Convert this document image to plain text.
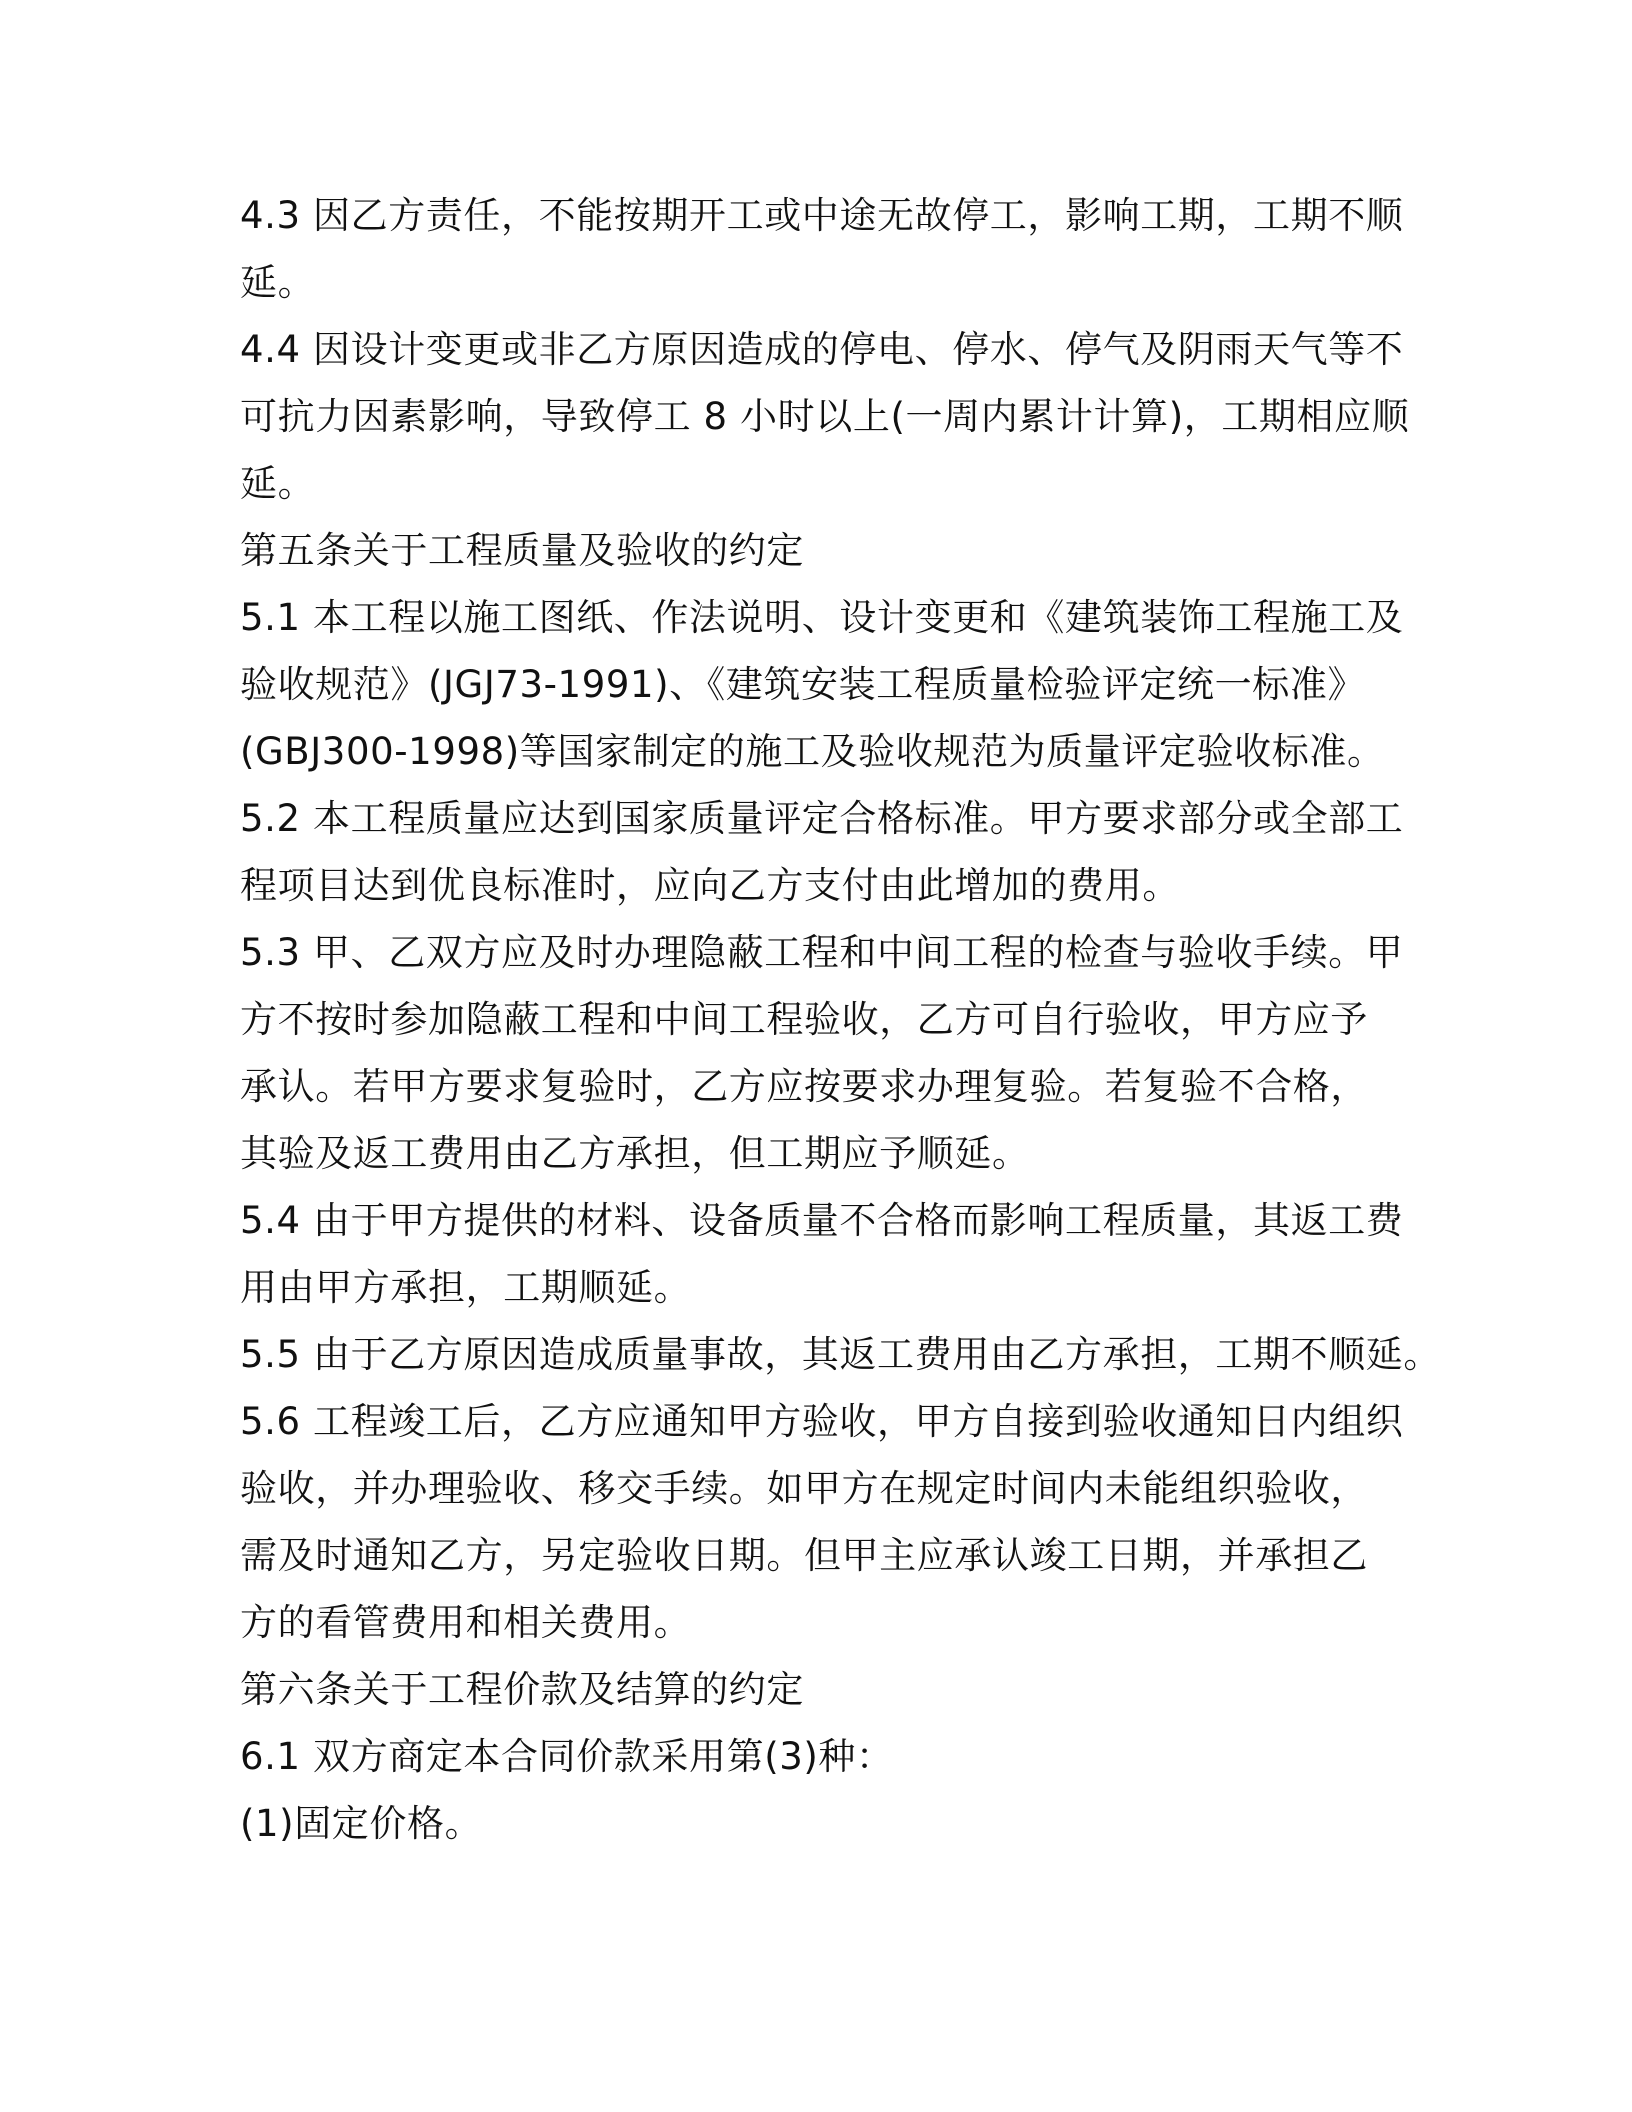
4.3 因乙方责任，不能按期开工或中途无故停工，影响工期，工期不顺
延。
4.4 因设计变更或非乙方原因造成的停电、停水、停气及阴雨天气等不
可抗力因素影响，导致停工 8 小时以上(一周内累计计算)，工期相应顺
延。
第五条关于工程质量及验收的约定
5.1 本工程以施工图纸、作法说明、设计变更和《建筑装饰工程施工及
验收规范》(JGJ73-1991)、《建筑安装工程质量检验评定统一标准》
(GBJ300-1998)等国家制定的施工及验收规范为质量评定验收标准。
5.2 本工程质量应达到国家质量评定合格标准。甲方要求部分或全部工
程项目达到优良标准时，应向乙方支付由此增加的费用。
5.3 甲、乙双方应及时办理隐蔽工程和中间工程的检查与验收手续。甲
方不按时参加隐蔽工程和中间工程验收，乙方可自行验收，甲方应予
承认。若甲方要求复验时，乙方应按要求办理复验。若复验不合格，
其验及返工费用由乙方承担，但工期应予顺延。
5.4 由于甲方提供的材料、设备质量不合格而影响工程质量，其返工费
用由甲方承担，工期顺延。
5.5 由于乙方原因造成质量事故，其返工费用由乙方承担，工期不顺延。
5.6 工程竣工后，乙方应通知甲方验收，甲方自接到验收通知日内组织
验收，并办理验收、移交手续。如甲方在规定时间内未能组织验收，
需及时通知乙方，另定验收日期。但甲主应承认竣工日期，并承担乙
方的看管费用和相关费用。
第六条关于工程价款及结算的约定
6.1 双方商定本合同价款采用第(3)种：
(1)固定价格。
